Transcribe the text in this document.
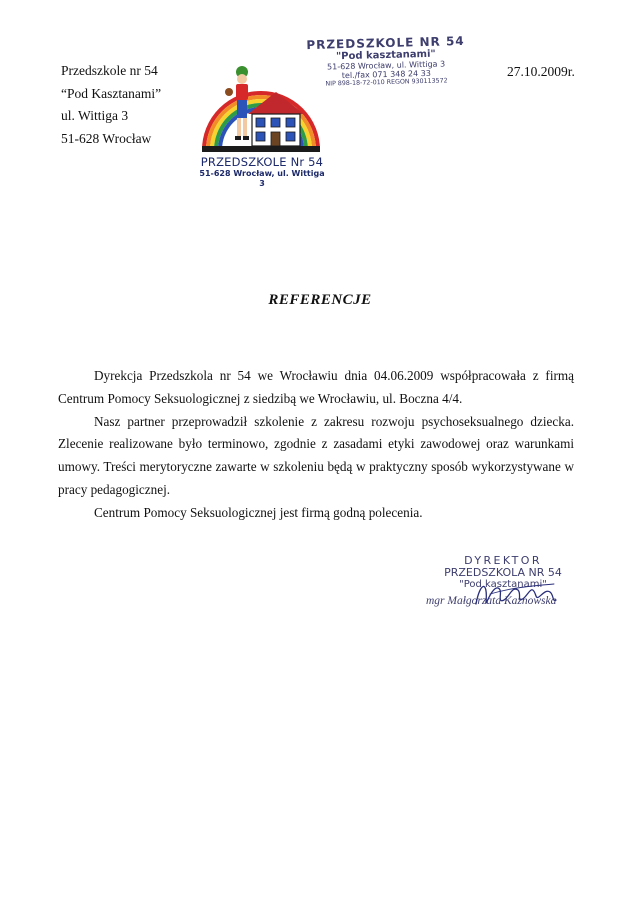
Przedszkole nr 54
“Pod Kasztanami”
ul. Wittiga 3
51-628 Wrocław
27.10.2009r.
PRZEDSZKOLE NR 54
"Pod kasztanami"
51-628 Wrocław, ul. Wittiga 3
tel./fax 071 348 24 33
NIP 898-18-72-010 REGON 930113572
PRZEDSZKOLE Nr 54
51-628 Wrocław, ul. Wittiga 3
REFERENCJE

Dyrekcja Przedszkola nr 54 we Wrocławiu dnia 04.06.2009 współpracowała z firmą Centrum Pomocy Seksuologicznej z siedzibą we Wrocławiu, ul. Boczna 4/4.

Nasz partner przeprowadził szkolenie z zakresu rozwoju psychoseksualnego dziecka. Zlecenie realizowane było terminowo, zgodnie z zasadami etyki zawodowej oraz warunkami umowy. Treści merytoryczne zawarte w szkoleniu będą w praktyczny sposób wykorzystywane w pracy pedagogicznej.

Centrum Pomocy Seksuologicznej jest firmą godną polecenia.

DYREKTOR
PRZEDSZKOLA NR 54
"Pod kasztanami"
mgr Małgorzata Kaznowska
